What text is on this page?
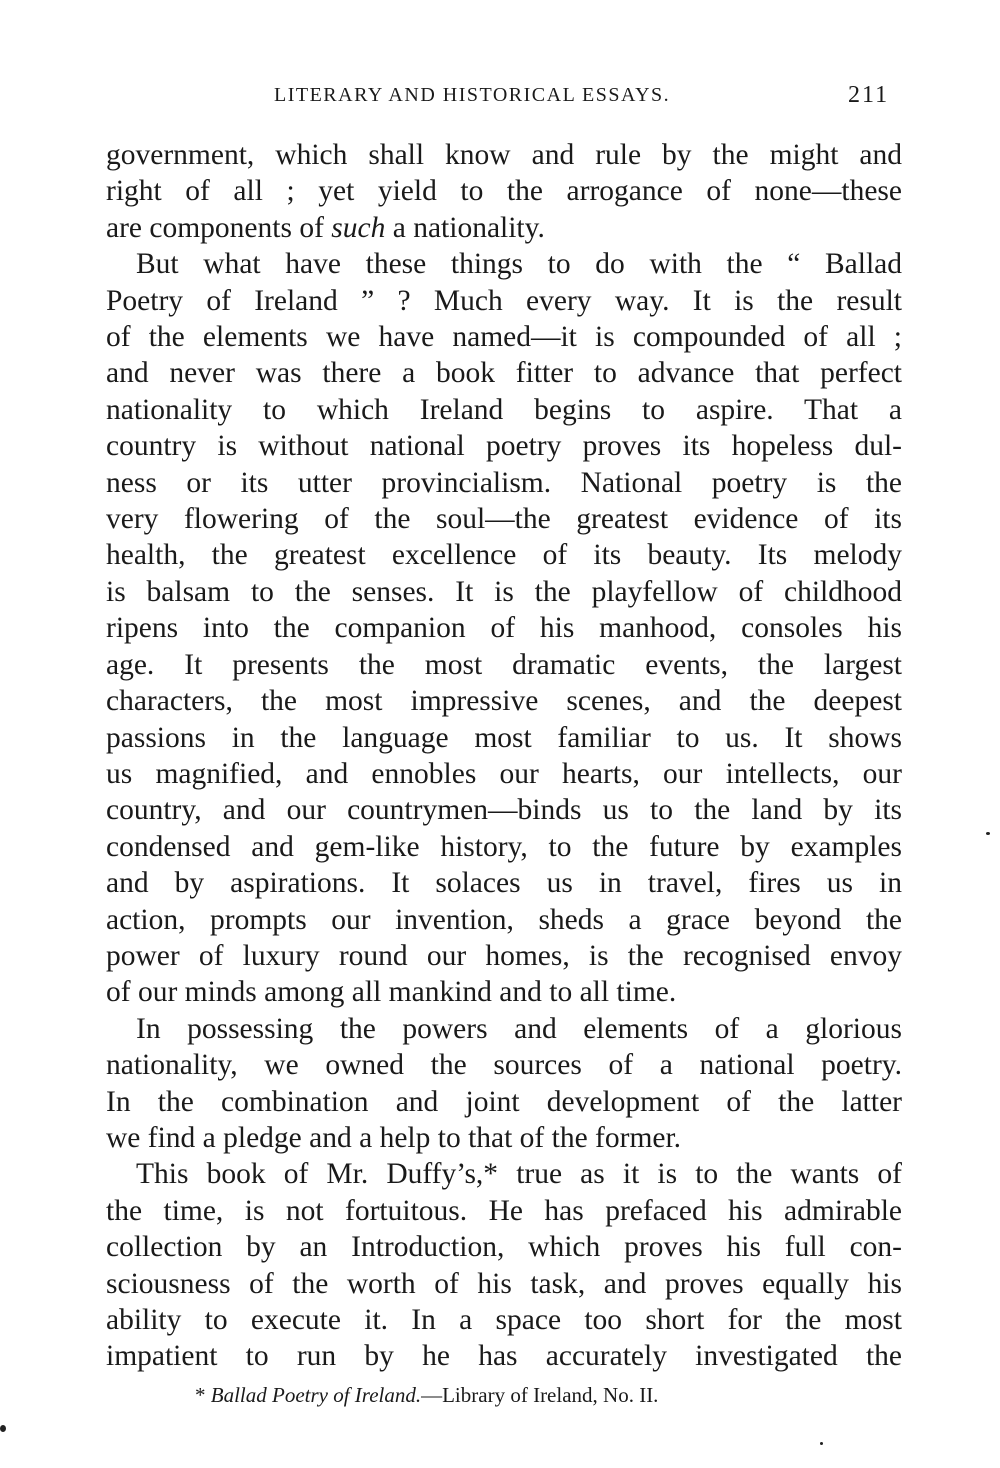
LITERARY AND HISTORICAL ESSAYS.	211
government, which shall know and rule by the might and
right of all ; yet yield to the arrogance of none—these
are components of such a nationality.
But what have these things to do with the “ Ballad
Poetry of Ireland ” ? Much every way. It is the result
of the elements we have named—it is compounded of all ;
and never was there a book fitter to advance that perfect
nationality to which Ireland begins to aspire. That a
country is without national poetry proves its hopeless dul-
ness or its utter provincialism. National poetry is the
very flowering of the soul—the greatest evidence of its
health, the greatest excellence of its beauty. Its melody
is balsam to the senses. It is the playfellow of childhood
ripens into the companion of his manhood, consoles his
age. It presents the most dramatic events, the largest
characters, the most impressive scenes, and the deepest
passions in the language most familiar to us. It shows
us magnified, and ennobles our hearts, our intellects, our
country, and our countrymen—binds us to the land by its
condensed and gem-like history, to the future by examples
and by aspirations. It solaces us in travel, fires us in
action, prompts our invention, sheds a grace beyond the
power of luxury round our homes, is the recognised envoy
of our minds among all mankind and to all time.
In possessing the powers and elements of a glorious
nationality, we owned the sources of a national poetry.
In the combination and joint development of the latter
we find a pledge and a help to that of the former.
This book of Mr. Duffy’s,* true as it is to the wants of
the time, is not fortuitous. He has prefaced his admirable
collection by an Introduction, which proves his full con-
sciousness of the worth of his task, and proves equally his
ability to execute it. In a space too short for the most
impatient to run by he has accurately investigated the
* Ballad Poetry of Ireland.—Library of Ireland, No. II.
